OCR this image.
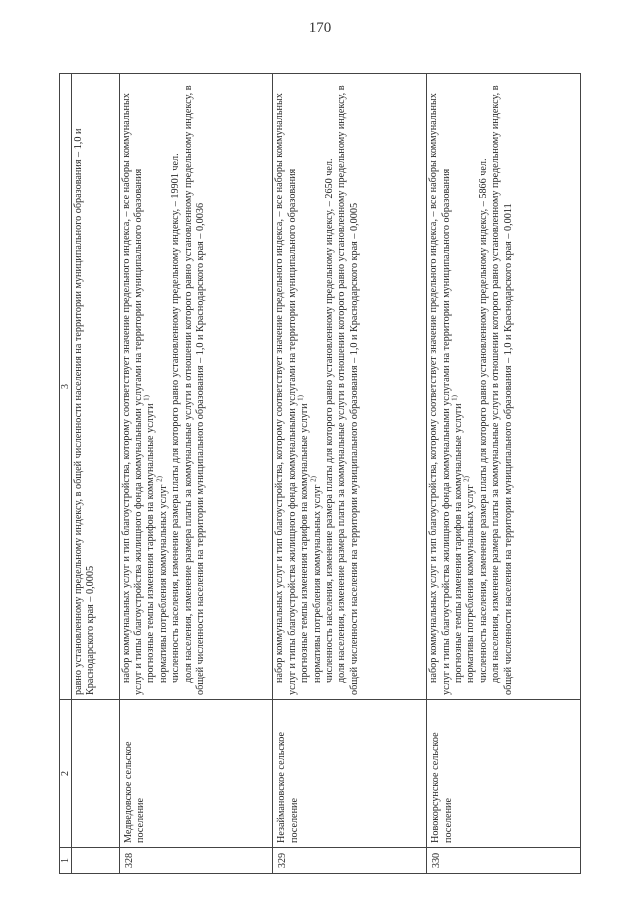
170
1	2	3

		равно установленному предельному индексу, в общей численности населения на территории муниципального образования – 1,0 и Краснодарского края – 0,0005

328	Медведовское сельское поселение	набор коммунальных услуг и тип благоустройства, которому соответствует значение предельного индекса, – все наборы коммунальных услуг и типы благоустройства жилищного фонда коммунальными услугами на территории муниципального образования прогнозные темпы изменения тарифов на коммунальные услуги $^{1)}$
нормативы потребления коммунальных услуг $^{2)}$ численность населения, изменение размера платы для которого равно установленному предельному индексу, – 19901 чел. доля населения, изменение размера платы за коммунальные услуги в отношении которого равно установленному предельному индексу, в общей численности населения на территории муниципального образования – 1,0 и Краснодарского края – 0,0036

329	Незаймановское сельское поселение	набор коммунальных услуг и тип благоустройства, которому соответствует значение предельного индекса, – все наборы коммунальных услуг и типы благоустройства жилищного фонда коммунальными услугами на территории муниципального образования прогнозные темпы изменения тарифов на коммунальные услуги $^{1)}$
нормативы потребления коммунальных услуг $^{2)}$ численность населения, изменение размера платы для которого равно установленному предельному индексу, – 2650 чел. доля населения, изменение размера платы за коммунальные услуги в отношении которого равно установленному предельному индексу, в общей численности населения на территории муниципального образования – 1,0 и Краснодарского края – 0,0005

330	Новокорсунское сельское поселение	набор коммунальных услуг и тип благоустройства, которому соответствует значение предельного индекса, – все наборы коммунальных услуг и типы благоустройства жилищного фонда коммунальными услугами на территории муниципального образования прогнозные темпы изменения тарифов на коммунальные услуги $^{1)}$
нормативы потребления коммунальных услуг $^{2)}$ численность населения, изменение размера платы для которого равно установленному предельному индексу, – 5866 чел. доля населения, изменение размера платы за коммунальные услуги в отношении которого равно установленному предельному индексу, в общей численности населения на территории муниципального образования – 1,0 и Краснодарского края – 0,0011
